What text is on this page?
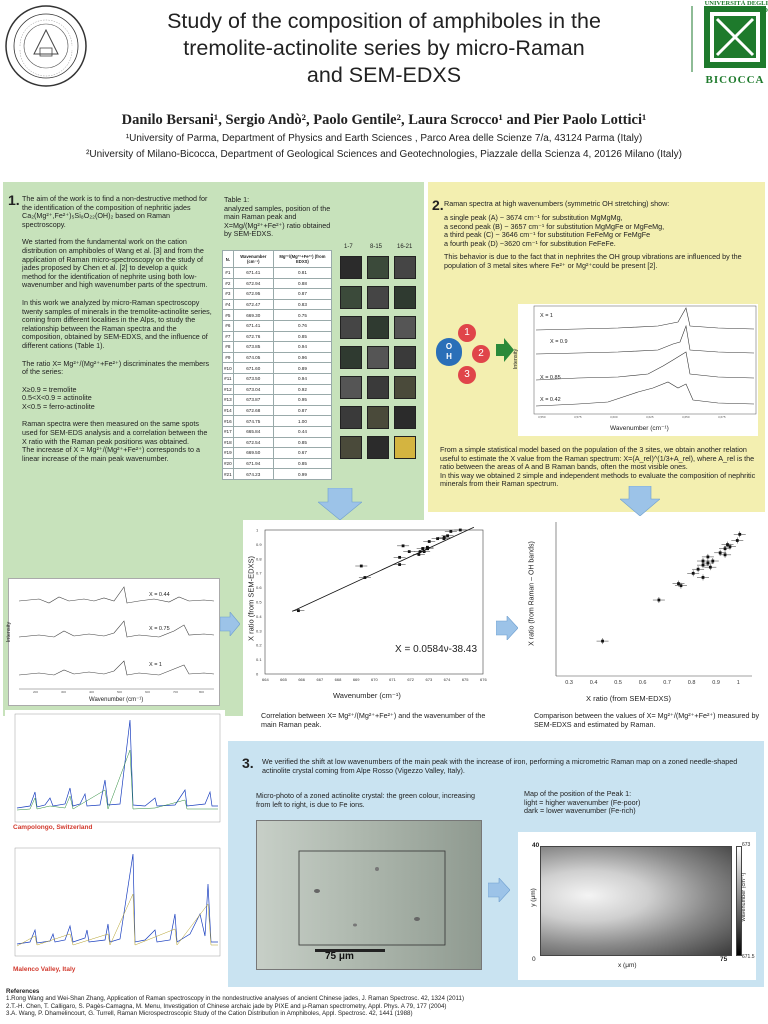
Study of the composition of amphiboles in the
tremolite-actinolite series by micro-Raman
and SEM-EDXS
UNIVERSITÀ DEGLI STUDI DI MILANO
BICOCCA
Danilo Bersani¹, Sergio Andò², Paolo Gentile², Laura Scrocco¹ and Pier Paolo Lottici¹
¹University of Parma, Department of Physics and Earth Sciences , Parco Area delle Scienze 7/a, 43124 Parma (Italy)
²University of Milano-Bicocca, Department of Geological Sciences and Geotechnologies, Piazzale della Scienza 4, 20126 Milano (Italy)
1. The aim of the work is to find a non-destructive method for the identification of the composition of nephritic jades Ca₂(Mg²⁺,Fe²⁺)₅Si₈O₂₂(OH)₂ based on Raman spectroscopy.

We started from the fundamental work on the cation distribution on amphiboles of Wang et al. [3] and from the application of Raman micro-spectroscopy on the study of jades proposed by Chen et al. [2] to develop a quick method for the identification of nephrite using both low-wavenumber and high wavenumber parts of the spectrum.

In this work we analyzed by micro-Raman spectroscopy twenty samples of minerals in the tremolite-actinolite series, coming from different localities in the Alps, to study the relationship between the Raman spectra and the composition, obtained by SEM-EDXS, and the influence of different cations (Table 1).

The ratio X= Mg²⁺/(Mg²⁺+Fe²⁺) discriminates the members of the series:

X≥0.9 = tremolite

0.5<X<0.9 = actinolite

X<0.5 = ferro-actinolite

Raman spectra were then measured on the same spots used for SEM-EDS analysis and a correlation between the X ratio with the Raman peak positions was obtained.

The increase of X = Mg²⁺/(Mg²⁺+Fe²⁺) corresponds to a linear increase of the main peak wavenumber.

Table 1:
analyzed samples, position of the main Raman peak and X=Mg/(Mg²⁺+Fe²⁺) ratio obtained by SEM-EDXS.
N.	Wavenumber (cm⁻¹)	Mg²⁺/(Mg²⁺+Fe²⁺) (from EDXS)
#1	671.41	0.81
#2	672.94	0.88
#3	672.95	0.87
#4	672.47	0.83
#5	669.30	0.75
#6	671.41	0.76
#7	672.76	0.85
#8	673.85	0.94
#9	674.05	0.96
#10	671.60	0.89
#11	673.50	0.94
#12	673.04	0.92
#13	673.87	0.95
#14	672.68	0.87
#16	674.75	1.00
#17	665.84	0.44
#18	672.54	0.85
#19	669.50	0.67
#20	671.94	0.85
#21	674.23	0.99
1-7	8-15 16-21
200	300	400	500	600	700	800
X = 0.44
X = 0.75
X = 1
Wavenumber (cm⁻¹)
Intensity
Campolongo, Switzerland
Malenco Valley, Italy
664	665	666	667	668	669	670	671	672	673	674	675	676
1
0.9
0.8
0.7
0.6
0.5
0.4
0.3
0.2
0.1
0
X = 0.0584ν-38.43
Wavenumber (cm⁻¹)
X ratio (from SEM-EDXS)
Correlation between X= Mg²⁺/(Mg²⁺+Fe²⁺) and the wavenumber of the main Raman peak.
2. Raman spectra at high wavenumbers (symmetric OH stretching) show:

a single peak (A) ~ 3674 cm⁻¹ for substitution MgMgMg,

a second peak (B) ~ 3657 cm⁻¹ for substitution MgMgFe or MgFeMg,

a third peak (C) ~ 3646 cm⁻¹ for substitution FeFeMg or FeMgFe

a fourth peak (D) ~3620 cm⁻¹ for substitution FeFeFe.

This behavior is due to the fact that in nephrites the OH group vibrations are influenced by the population of 3 metal sites where Fe²⁺ or Mg²⁺could be present [2].

O
H
1
2
3
3,550	3,575	3,600	3,625	3,650	3,675
X = 1
X = 0.9
X = 0.85
X = 0.42
Wavenumber (cm⁻¹)
Intensity

From a simple statistical model based on the population of the 3 sites, we obtain another relation useful to estimate the X value from the Raman spectrum: X=(A_rel)^(1/3+A_rel), where A_rel is the ratio between the areas of A and B Raman bands, often the most visible ones.

In this way we obtained 2 simple and independent methods to evaluate the composition of nephritic minerals from their Raman spectrum.

0.3	0.4	0.5	0.6	0.7	0.8	0.9	1
X ratio (from SEM-EDXS)
X ratio (from Raman – OH bands)
Comparison between the values of X= Mg²⁺/(Mg²⁺+Fe²⁺) measured by SEM-EDXS and estimated by Raman.
3. We verified the shift at low wavenumbers of the main peak with the increase of iron, performing a micrometric Raman map on a zoned needle-shaped actinolite crystal coming from Alpe Rosso (Vigezzo Valley, Italy).
Micro-photo of a zoned actinolite crystal: the green colour, increasing from left to right, is due to Fe ions.
75 μm

Map of the position of the Peak 1:

light = higher wavenumber (Fe-poor)

dark = lower wavenumber (Fe-rich)

673
671.5
wavenumber (cm⁻¹)
0	75
x (μm)
40
y (μm)

References

1.Rong Wang and Wei-Shan Zhang, Application of Raman spectroscopy in the nondestructive analyses of ancient Chinese jades, J. Raman Spectrosc. 42, 1324 (2011)

2.T.-H. Chen, T. Calligaro, S. Pagès-Camagna, M. Menu, Investigation of Chinese archaic jade by PIXE and μ-Raman spectrometry, Appl. Phys. A 79, 177 (2004)

3.A. Wang, P. Dhamelincourt, G. Turrell, Raman Microspectroscopic Study of the Cation Distribution in Amphiboles, Appl. Spectrosc. 42, 1441 (1988)
